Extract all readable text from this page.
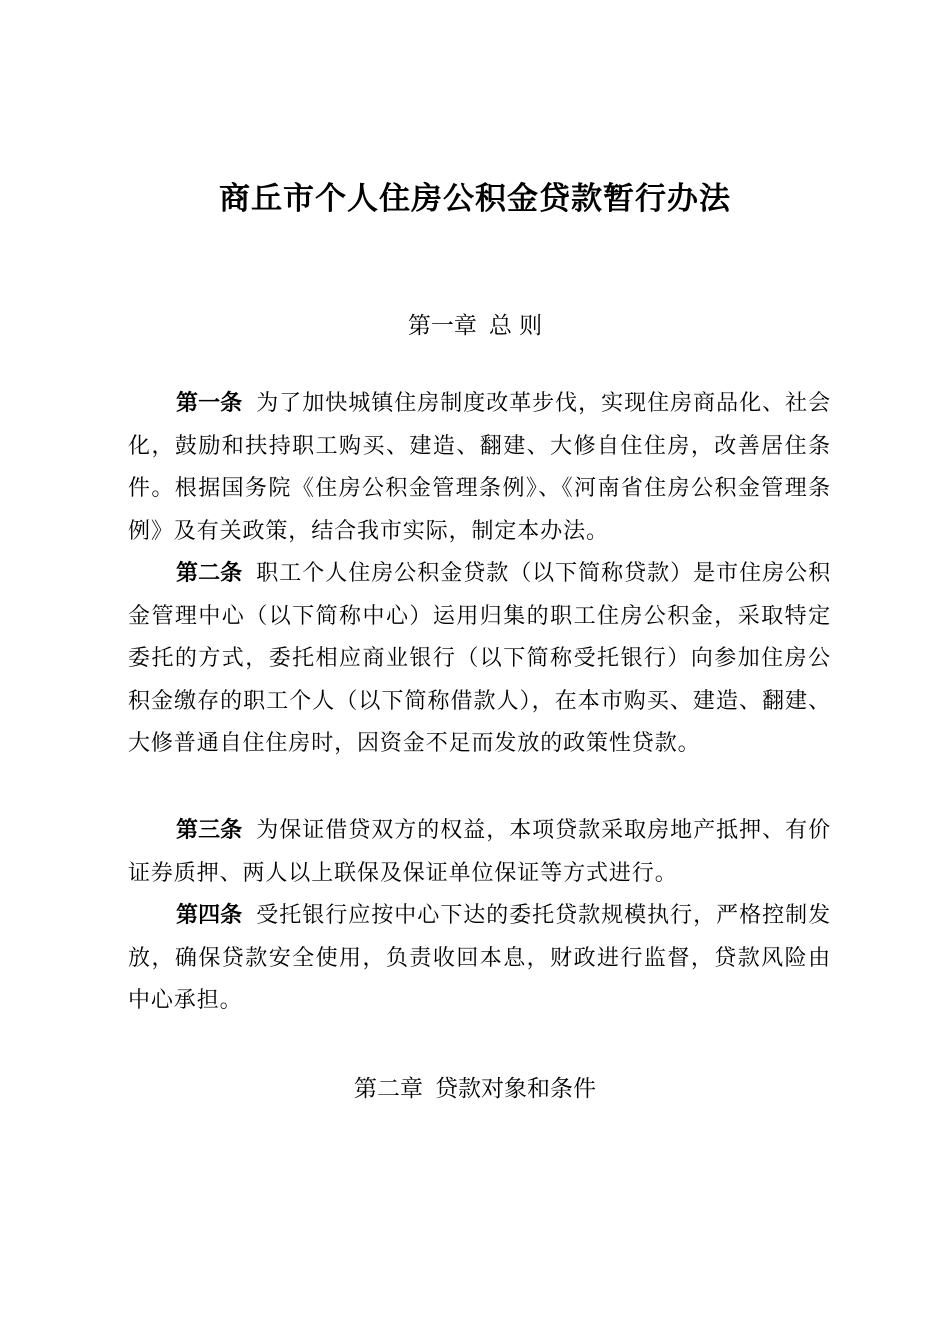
商丘市个人住房公积金贷款暂行办法
第一章 总 则

第一条 为了加快城镇住房制度改革步伐，实现住房商品化、社会化，鼓励和扶持职工购买、建造、翻建、大修自住住房，改善居住条件。根据国务院《住房公积金管理条例》、《河南省住房公积金管理条例》及有关政策，结合我市实际，制定本办法。

第二条 职工个人住房公积金贷款（以下简称贷款）是市住房公积金管理中心（以下简称中心）运用归集的职工住房公积金，采取特定委托的方式，委托相应商业银行（以下简称受托银行）向参加住房公积金缴存的职工个人（以下简称借款人），在本市购买、建造、翻建、大修普通自住住房时，因资金不足而发放的政策性贷款。

第三条 为保证借贷双方的权益，本项贷款采取房地产抵押、有价证券质押、两人以上联保及保证单位保证等方式进行。

第四条 受托银行应按中心下达的委托贷款规模执行，严格控制发放，确保贷款安全使用，负责收回本息，财政进行监督，贷款风险由中心承担。

第二章 贷款对象和条件
